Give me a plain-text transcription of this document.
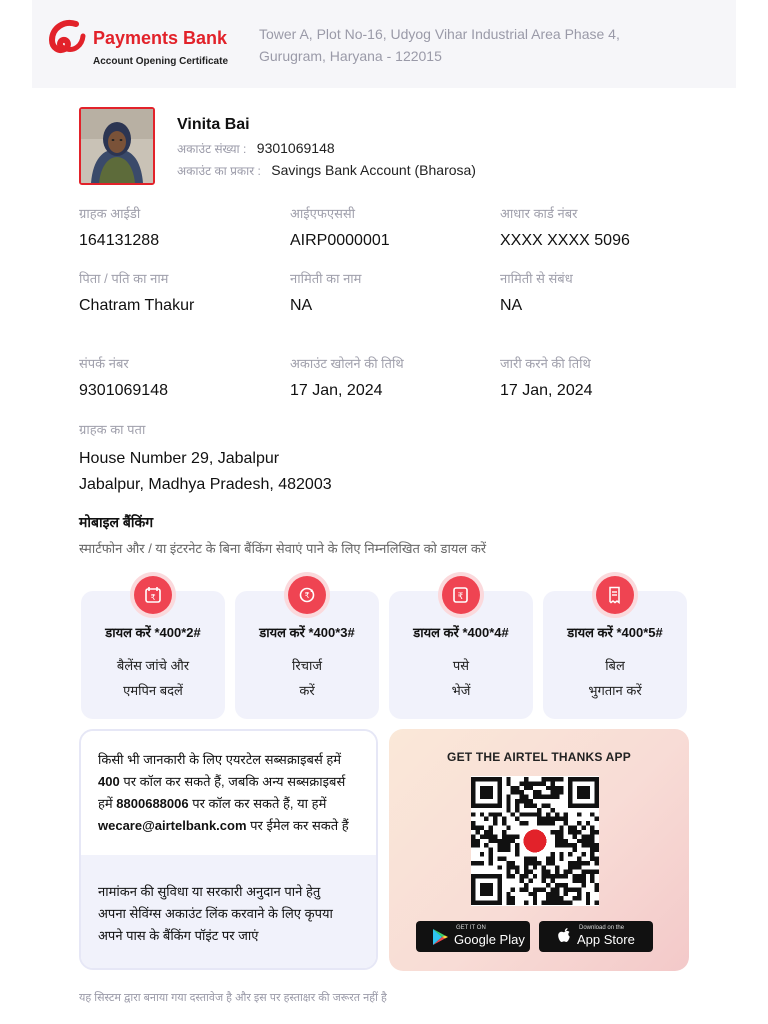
Payments Bank
Account Opening Certificate
Tower A, Plot No-16, Udyog Vihar Industrial Area Phase 4,
Gurugram, Haryana - 122015
Vinita Bai
अकाउंट संख्या : 9301069148
अकाउंट का प्रकार : Savings Bank Account (Bharosa)
ग्राहक आईडी
164131288
आईएफएससी
AIRP0000001
आधार कार्ड नंबर
XXXX XXXX 5096
पिता / पति का नाम
Chatram Thakur
नामिती का नाम
NA
नामिती से संबंध
NA
संपर्क नंबर
9301069148
अकाउंट खोलने की तिथि
17 Jan, 2024
जारी करने की तिथि
17 Jan, 2024
ग्राहक का पता
House Number 29, Jabalpur
Jabalpur, Madhya Pradesh, 482003
मोबाइल बैंकिंग
स्मार्टफोन और / या इंटरनेट के बिना बैंकिंग सेवाएं पाने के लिए निम्नलिखित को डायल करें
₹
डायल करें *400*2#
बैलेंस जांचे और
एमपिन बदलें
₹
डायल करें *400*3#
रिचार्ज
करें
₹
डायल करें *400*4#
पसे
भेजें
डायल करें *400*5#
बिल
भुगतान करें
किसी भी जानकारी के लिए एयरटेल सब्सक्राइबर्स हमें
400 पर कॉल कर सकते हैं, जबकि अन्य सब्सक्राइबर्स
हमें 8800688006 पर कॉल कर सकते हैं, या हमें
wecare@airtelbank.com पर ईमेल कर सकते हैं
नामांकन की सुविधा या सरकारी अनुदान पाने हेतु
अपना सेविंग्स अकाउंट लिंक करवाने के लिए कृपया
अपने पास के बैंकिंग पॉइंट पर जाएं
GET THE AIRTEL THANKS APP
GET IT ON
Google Play
Download on the
App Store
यह सिस्टम द्वारा बनाया गया दस्तावेज है और इस पर हस्ताक्षर की जरूरत नहीं है
